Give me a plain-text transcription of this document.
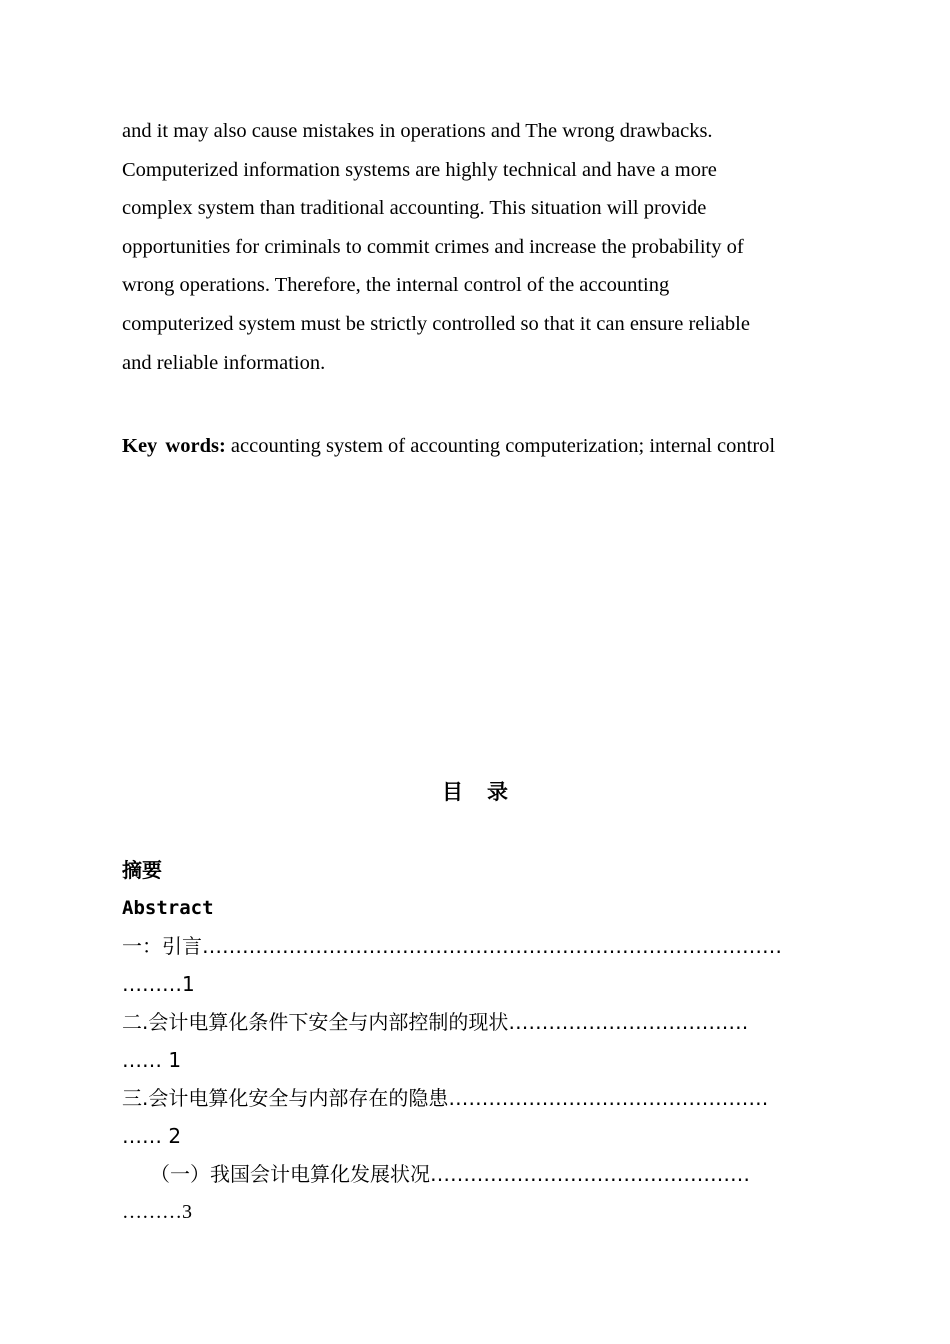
and it may also cause mistakes in operations and The wrong drawbacks.
Computerized information systems are highly technical and have a more
complex system than traditional accounting. This situation will provide
opportunities for criminals to commit crimes and increase the probability of
wrong operations. Therefore, the internal control of the accounting
computerized system must be strictly controlled so that it can ensure reliable
and reliable information.

Key words: accounting system of accounting computerization; internal control

目录
摘要
Abstract
一：引言……………………………………………………………………………
………1
二.会计电算化条件下安全与内部控制的现状………………………………
…… 1
三.会计电算化安全与内部存在的隐患…………………………………………
…… 2
（一）我国会计电算化发展状况…………………………………………
………3
